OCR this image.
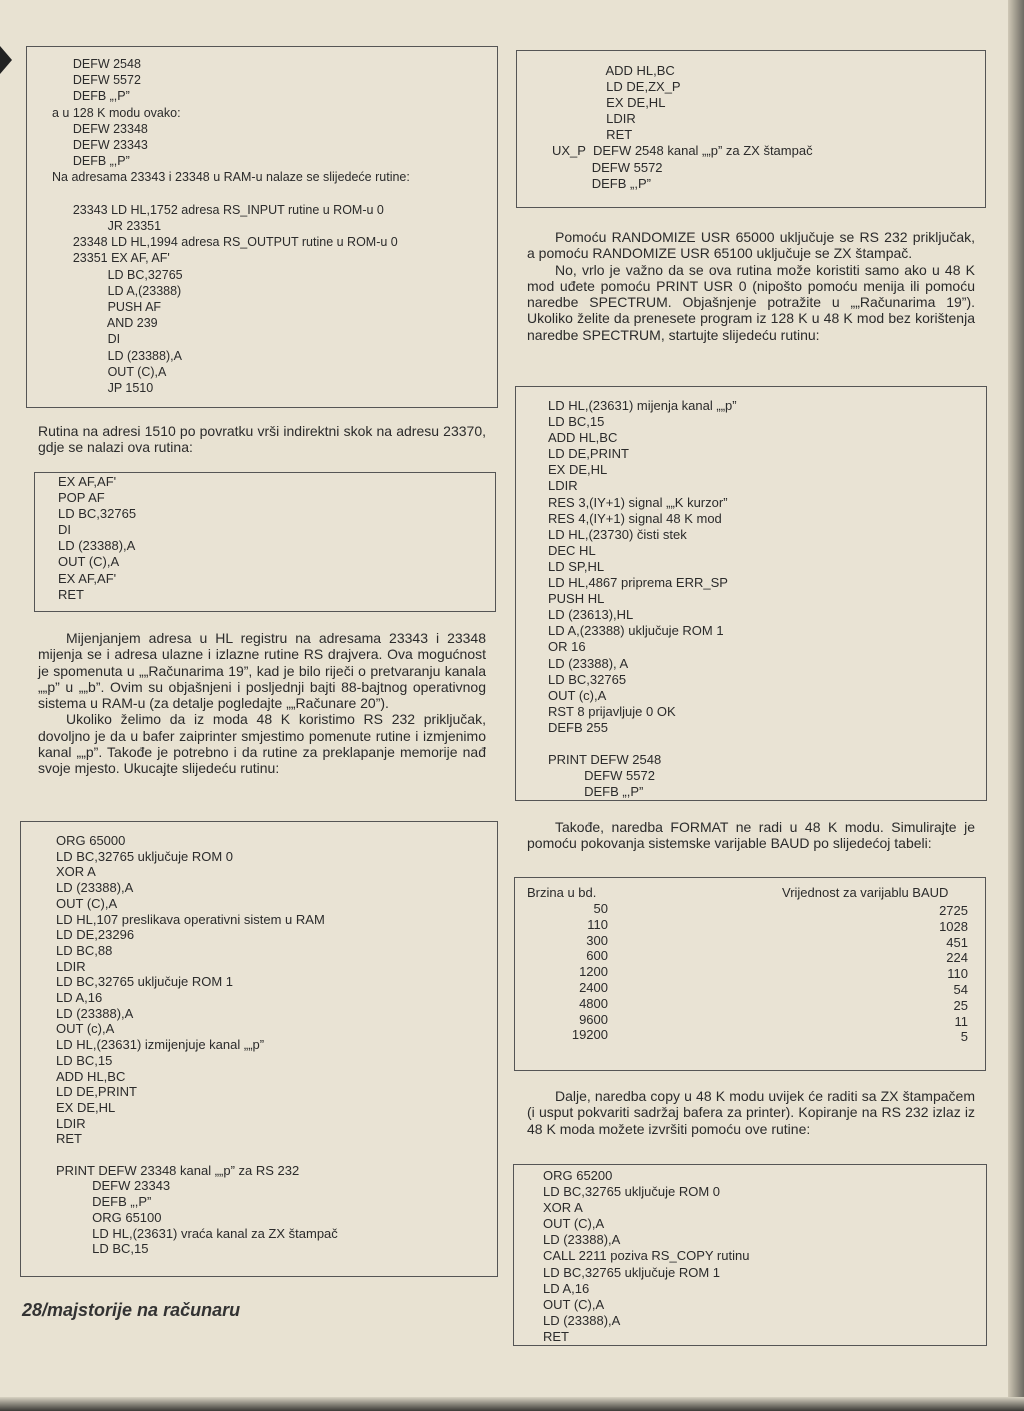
DEFW 2548
DEFW 5572
DEFB „,P”
a u 128 K modu ovako:
DEFW 23348
DEFW 23343
DEFB „,P”
Na adresama 23343 i 23348 u RAM-u nalaze se slijedeće rutine:

23343 LD HL,1752 adresa RS_INPUT rutine u ROM-u 0
JR 23351
23348 LD HL,1994 adresa RS_OUTPUT rutine u ROM-u 0
23351 EX AF, AF'
LD BC,32765
LD A,(23388)
PUSH AF
AND 239
DI
LD (23388),A
OUT (C),A
JP 1510

Rutina na adresi 1510 po povratku vrši indirektni skok na adresu 23370, gdje se nalazi ova rutina:

EX AF,AF'
POP AF
LD BC,32765
DI
LD (23388),A
OUT (C),A
EX AF,AF'
RET

Mijenjanjem adresa u HL registru na adresama 23343 i 23348 mijenja se i adresa ulazne i izlazne rutine RS drajvera. Ova mogućnost je spomenuta u „„Računarima 19”, kad je bilo riječi o pretvaranju kanala „„p” u „„b”. Ovim su objašnjeni i posljednji bajti 88-bajtnog operativnog sistema u RAM-u (za detalje pogledajte „„Računare 20”).

Ukoliko želimo da iz moda 48 K koristimo RS 232 priključak, dovoljno je da u bafer zaiprinter smjestimo pomenute rutine i izmjenimo kanal „„p”. Takođe je potrebno i da rutine za preklapanje memorije nađ svoje mjesto. Ukucajte slijedeću rutinu:

ORG 65000
LD BC,32765 uključuje ROM 0
XOR A
LD (23388),A
OUT (C),A
LD HL,107 preslikava operativni sistem u RAM
LD DE,23296
LD BC,88
LDIR
LD BC,32765 uključuje ROM 1
LD A,16
LD (23388),A
OUT (c),A
LD HL,(23631) izmijenjuje kanal „„p”
LD BC,15
ADD HL,BC
LD DE,PRINT
EX DE,HL
LDIR
RET

PRINT DEFW 23348 kanal „„p” za RS 232
DEFW 23343
DEFB „,P”
ORG 65100
LD HL,(23631) vraća kanal za ZX štampač
LD BC,15
28/majstorije na računaru
ADD HL,BC
LD DE,ZX_P
EX DE,HL
LDIR
RET
UX_P  DEFW 2548 kanal „„p” za ZX štampač
DEFW 5572
DEFB „,P”

Pomoću RANDOMIZE USR 65000 uključuje se RS 232 priključak, a pomoću RANDOMIZE USR 65100 uključuje se ZX štampač.

No, vrlo je važno da se ova rutina može koristiti samo ako u 48 K mod uđete pomoću PRINT USR 0 (nipošto pomoću menija ili pomoću naredbe SPECTRUM. Objašnjenje potražite u „„Računarima 19”). Ukoliko želite da prenesete program iz 128 K u 48 K mod bez korištenja naredbe SPECTRUM, startujte slijedeću rutinu:

LD HL,(23631) mijenja kanal „„p”
LD BC,15
ADD HL,BC
LD DE,PRINT
EX DE,HL
LDIR
RES 3,(IY+1) signal „„K kurzor”
RES 4,(IY+1) signal 48 K mod
LD HL,(23730) čisti stek
DEC HL
LD SP,HL
LD HL,4867 priprema ERR_SP
PUSH HL
LD (23613),HL
LD A,(23388) uključuje ROM 1
OR 16
LD (23388), A
LD BC,32765
OUT (c),A
RST 8 prijavljuje 0 OK
DEFB 255

PRINT DEFW 2548
DEFW 5572
DEFB „,P”

Takođe, naredba FORMAT ne radi u 48 K modu. Simulirajte je pomoću pokovanja sistemske varijable BAUD po slijedećoj tabeli:

Brzina u bd.	Vrijednost za varijablu BAUD
50
110
300
600
1200
2400
4800
9600
19200
2725
1028
451
224
110
54
25
11
5

Dalje, naredba copy u 48 K modu uvijek će raditi sa ZX štampačem (i usput pokvariti sadržaj bafera za printer). Kopiranje na RS 232 izlaz iz 48 K moda možete izvršiti pomoću ove rutine:

ORG 65200
LD BC,32765 uključuje ROM 0
XOR A
OUT (C),A
LD (23388),A
CALL 2211 poziva RS_COPY rutinu
LD BC,32765 uključuje ROM 1
LD A,16
OUT (C),A
LD (23388),A
RET
